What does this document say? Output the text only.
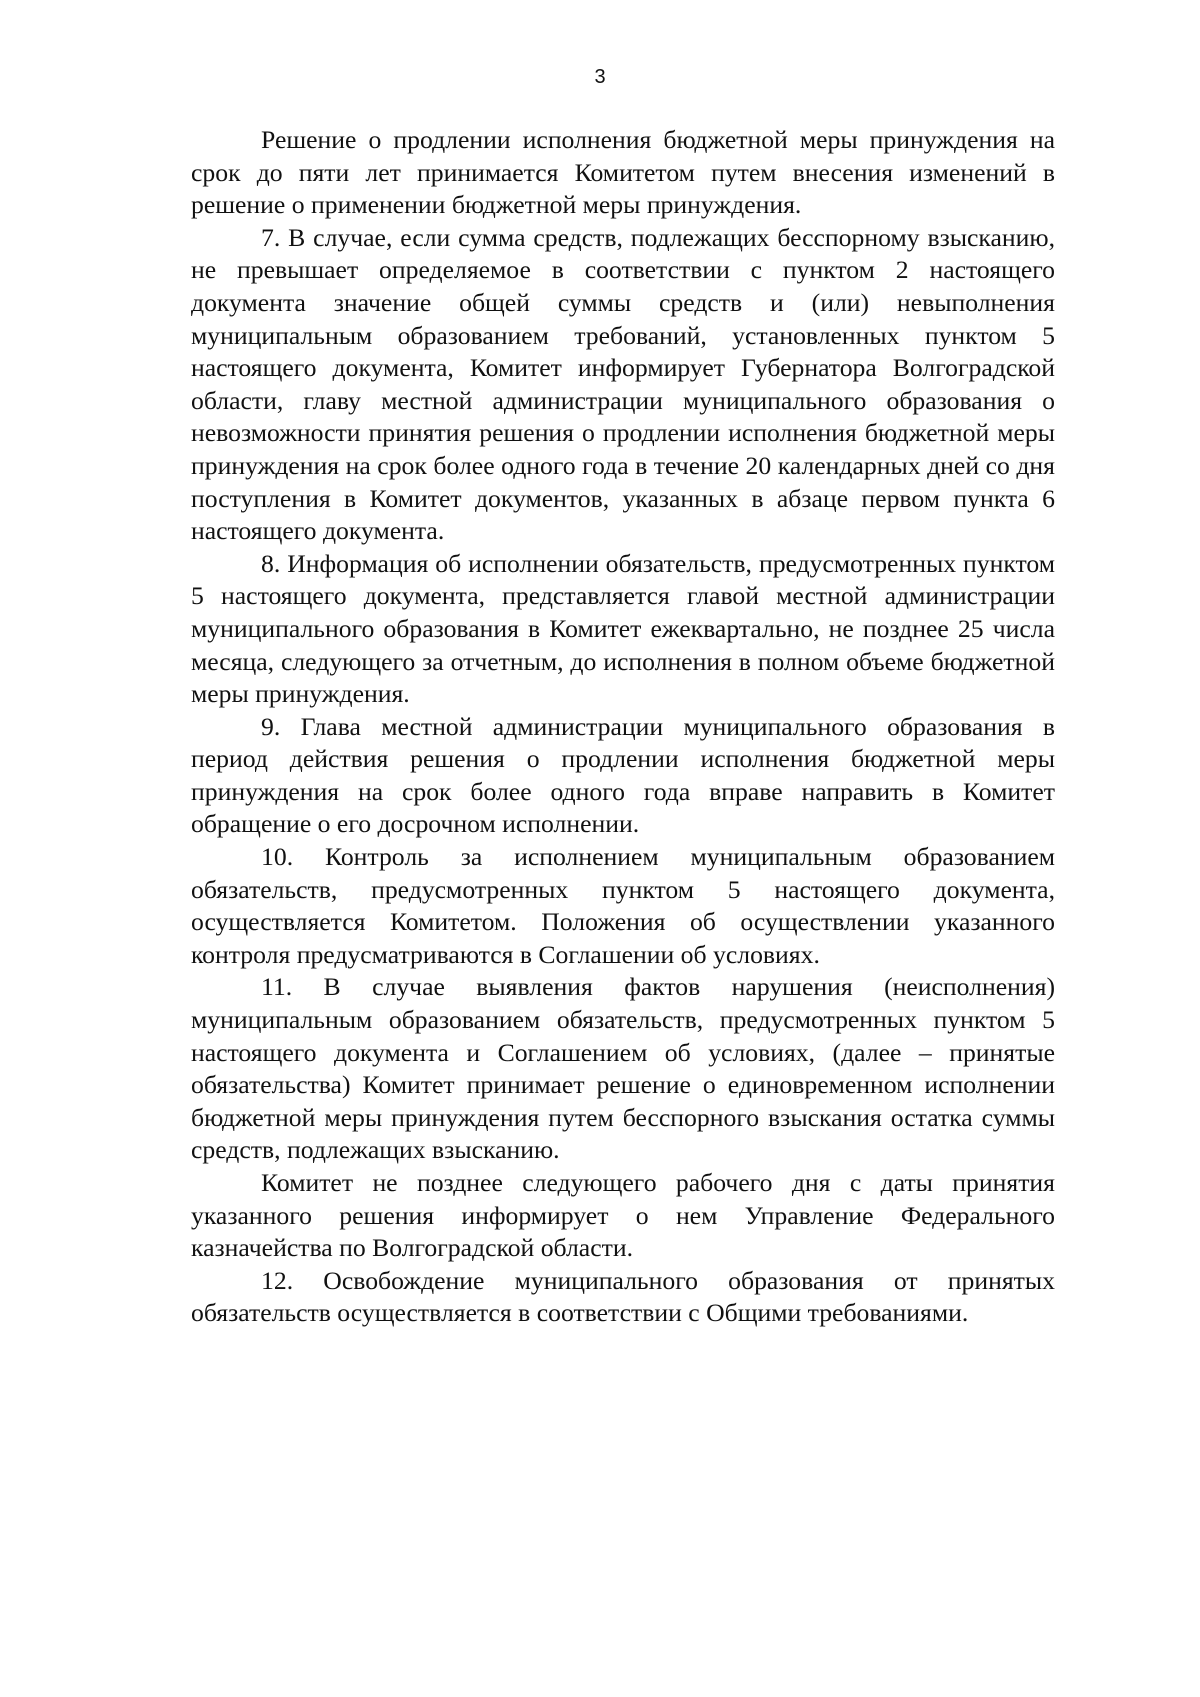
3

Решение о продлении исполнения бюджетной меры принуждения на срок до пяти лет принимается Комитетом путем внесения изменений в решение о применении бюджетной меры принуждения.

7. В случае, если сумма средств, подлежащих бесспорному взысканию, не превышает определяемое в соответствии с пунктом 2 настоящего документа значение общей суммы средств и (или) невыполнения муниципальным образованием требований, установленных пунктом 5 настоящего документа, Комитет информирует Губернатора Волгоградской области, главу местной администрации муниципального образования о невозможности принятия решения о продлении исполнения бюджетной меры принуждения на срок более одного года в течение 20 календарных дней со дня поступления в Комитет документов, указанных в абзаце первом пункта 6 настоящего документа.

8. Информация об исполнении обязательств, предусмотренных пунктом 5 настоящего документа, представляется главой местной администрации муниципального образования в Комитет ежеквартально, не позднее 25 числа месяца, следующего за отчетным, до исполнения в полном объеме бюджетной меры принуждения.

9. Глава местной администрации муниципального образования в период действия решения о продлении исполнения бюджетной меры принуждения на срок более одного года вправе направить в Комитет обращение о его досрочном исполнении.

10. Контроль за исполнением муниципальным образованием обязательств, предусмотренных пунктом 5 настоящего документа, осуществляется Комитетом. Положения об осуществлении указанного контроля предусматриваются в Соглашении об условиях.

11. В случае выявления фактов нарушения (неисполнения) муниципальным образованием обязательств, предусмотренных пунктом 5 настоящего документа и Соглашением об условиях, (далее – принятые обязательства) Комитет принимает решение о единовременном исполнении бюджетной меры принуждения путем бесспорного взыскания остатка суммы средств, подлежащих взысканию.

Комитет не позднее следующего рабочего дня с даты принятия указанного решения информирует о нем Управление Федерального казначейства по Волгоградской области.

12. Освобождение муниципального образования от принятых обязательств осуществляется в соответствии с Общими требованиями.
